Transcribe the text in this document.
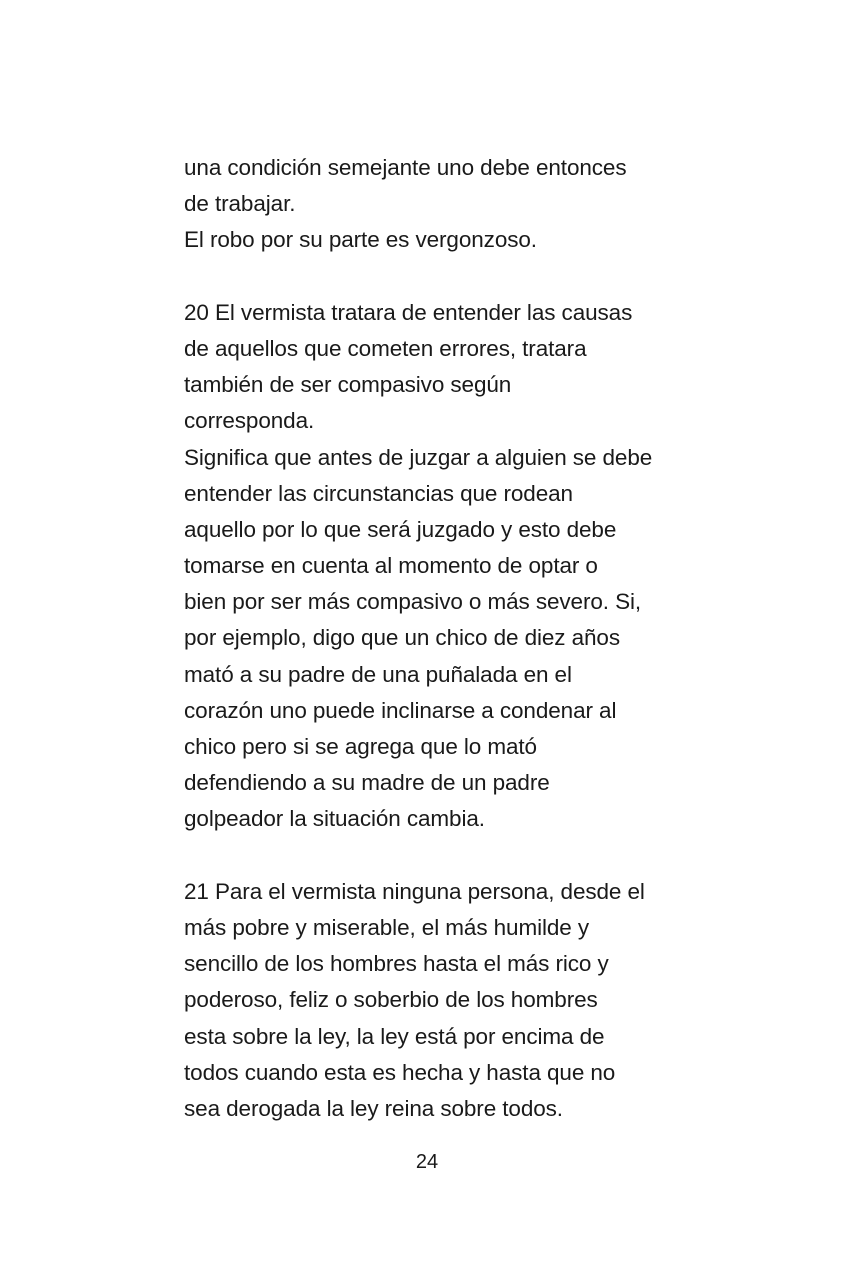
una condición semejante uno debe entonces
de trabajar.
El robo por su parte es vergonzoso.
20 El vermista tratara de entender las causas
de aquellos que cometen errores, tratara
también de ser compasivo según
corresponda.
Significa que antes de juzgar a alguien se debe
entender las circunstancias que rodean
aquello por lo que será juzgado y esto debe
tomarse en cuenta al momento de optar o
bien por ser más compasivo o más severo. Si,
por ejemplo, digo que un chico de diez años
mató a su padre de una puñalada en el
corazón uno puede inclinarse a condenar al
chico pero si se agrega que lo mató
defendiendo a su madre de un padre
golpeador la situación cambia.
21 Para el vermista ninguna persona, desde el
más pobre y miserable, el más humilde y
sencillo de los hombres hasta el más rico y
poderoso, feliz o soberbio de los hombres
esta sobre la ley, la ley está por encima de
todos cuando esta es hecha y hasta que no
sea derogada la ley reina sobre todos.
24
